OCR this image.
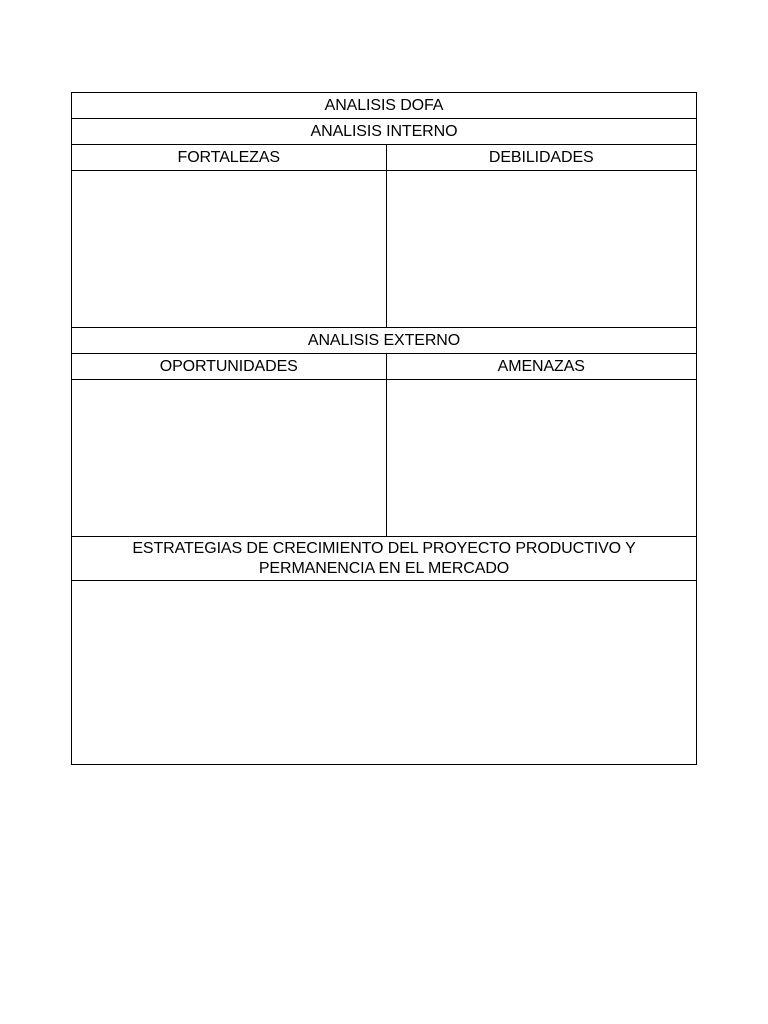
ANALISIS DOFA	
ANALISIS INTERNO	
FORTALEZAS	DEBILIDADES

ANALISIS EXTERNO	
OPORTUNIDADES	AMENAZAS

ESTRATEGIAS DE CRECIMIENTO DEL PROYECTO PRODUCTIVO Y
PERMANENCIA EN EL MERCADO	
